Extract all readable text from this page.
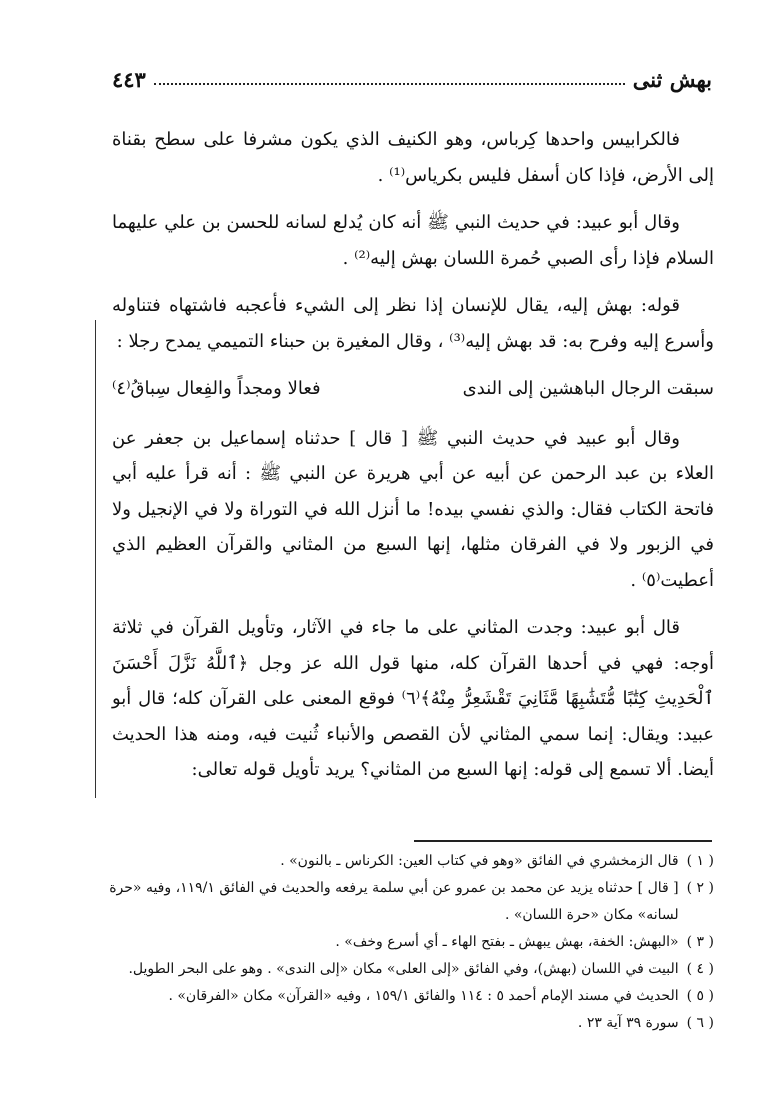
بهش ثنى
٤٤٣

فالكرابيس واحدها كِرباس، وهو الكنيف الذي يكون مشرفا على سطح بقناة إلى الأرض، فإذا كان أسفل فليس بكرياس⁽¹⁾ .

وقال أبو عبيد: في حديث النبي ﷺ أنه كان يُدلع لسانه للحسن بن علي عليهما السلام فإذا رأى الصبي حُمرة اللسان بهش إليه⁽²⁾ .

قوله: بهش إليه، يقال للإنسان إذا نظر إلى الشيء فأعجبه فاشتهاه فتناوله وأسرع إليه وفرح به: قد بهش إليه⁽³⁾ ، وقال المغيرة بن حبناء التميمي يمدح رجلا :

سبقت الرجال الباهشين إلى الندى
فعالا ومجداً والفِعال سِباقُ⁽٤⁾

وقال أبو عبيد في حديث النبي ﷺ [ قال ] حدثناه إسماعيل بن جعفر عن العلاء بن عبد الرحمن عن أبيه عن أبي هريرة عن النبي ﷺ : أنه قرأ عليه أبي فاتحة الكتاب فقال: والذي نفسي بيده! ما أنزل الله في التوراة ولا في الإنجيل ولا في الزبور ولا في الفرقان مثلها، إنها السبع من المثاني والقرآن العظيم الذي أعطيت⁽٥⁾ .

قال أبو عبيد: وجدت المثاني على ما جاء في الآثار، وتأويل القرآن في ثلاثة أوجه: فهي في أحدها القرآن كله، منها قول الله عز وجل ﴿ٱللَّهُ نَزَّلَ أَحْسَنَ ٱلْحَدِيثِ كِتَٰبًا مُّتَشَٰبِهًا مَّثَانِيَ تَقْشَعِرُّ مِنْهُ﴾⁽٦⁾ فوقع المعنى على القرآن كله؛ قال أبو عبيد: ويقال: إنما سمي المثاني لأن القصص والأنباء ثُنيت فيه، ومنه هذا الحديث أيضا. ألا تسمع إلى قوله: إنها السبع من المثاني؟ يريد تأويل قوله تعالى:

( ١ )
قال الزمخشري في الفائق «وهو في كتاب العين: الكرناس ـ بالنون» .
( ٢ )
[ قال ] حدثناه يزيد عن محمد بن عمرو عن أبي سلمة يرفعه والحديث في الفائق ١١٩/١، وفيه «حرة لسانه» مكان «حرة اللسان» .
( ٣ )
«البهش: الخفة، بهش يبهش ـ بفتح الهاء ـ أي أسرع وخف» .
( ٤ )
البيت في اللسان (بهش)، وفي الفائق «إلى العلى» مكان «إلى الندى» . وهو على البحر الطويل.
( ٥ )
الحديث في مسند الإمام أحمد ٥ : ١١٤ والفائق ١٥٩/١ ، وفيه «القرآن» مكان «الفرقان» .
( ٦ )
سورة ٣٩ آية ٢٣ .
